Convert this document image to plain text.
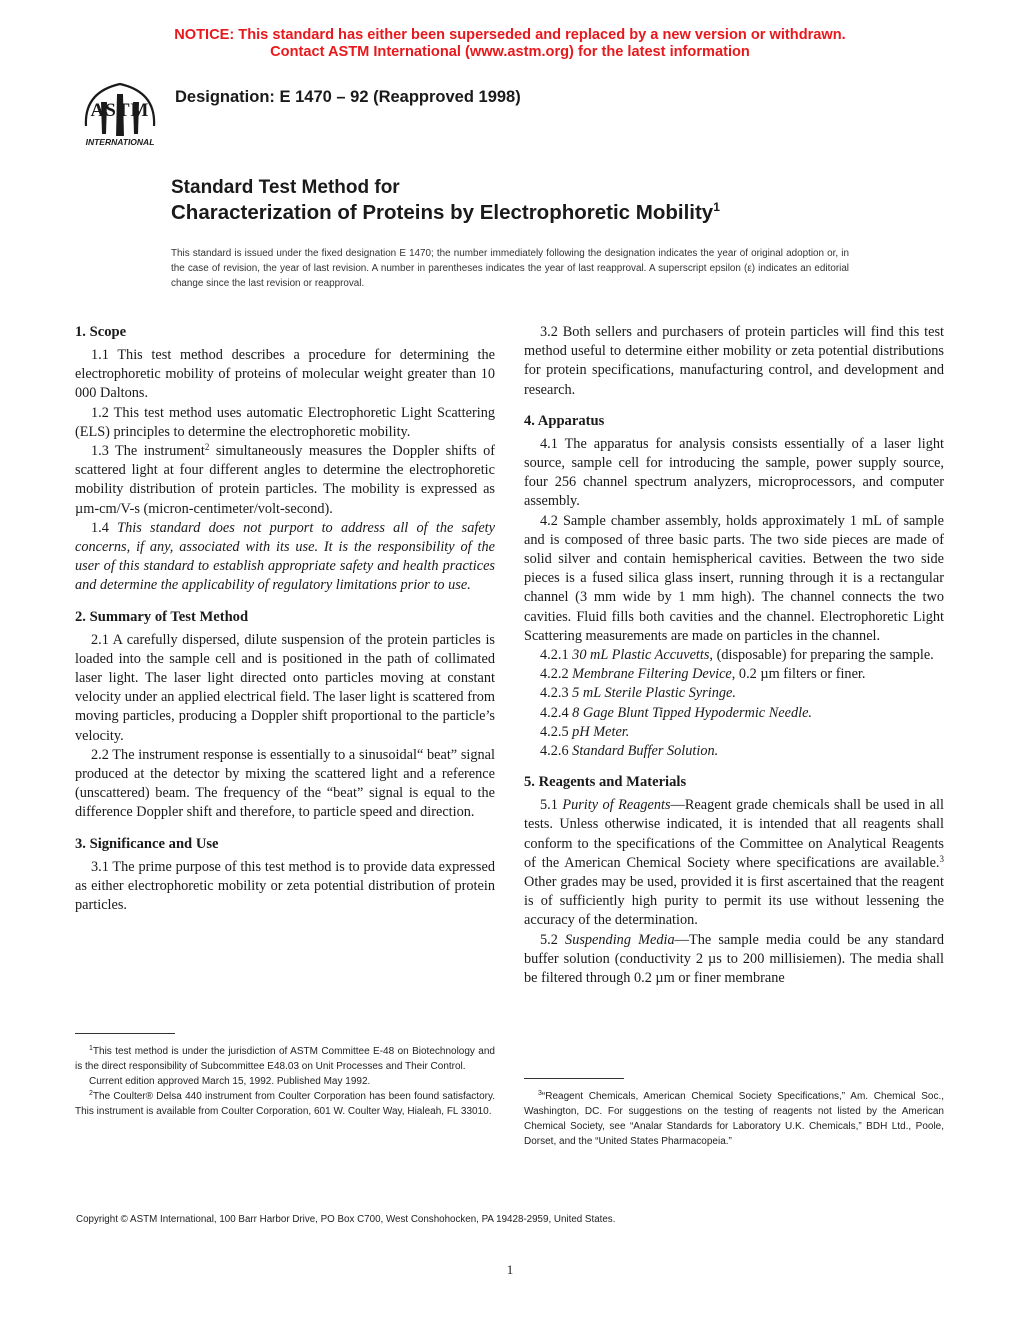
NOTICE: This standard has either been superseded and replaced by a new version or withdrawn.
Contact ASTM International (www.astm.org) for the latest information
ASTM
INTERNATIONAL
Designation: E 1470 – 92 (Reapproved 1998)
Standard Test Method for
Characterization of Proteins by Electrophoretic Mobility$^1$
This standard is issued under the fixed designation E 1470; the number immediately following the designation indicates the year of original adoption or, in the case of revision, the year of last revision. A number in parentheses indicates the year of last reapproval. A superscript epsilon (ε) indicates an editorial change since the last revision or reapproval.
1. Scope

1.1 This test method describes a procedure for determining the electrophoretic mobility of proteins of molecular weight greater than 10 000 Daltons.

1.2 This test method uses automatic Electrophoretic Light Scattering (ELS) principles to determine the electrophoretic mobility.

1.3 The instrument$^2$ simultaneously measures the Doppler shifts of scattered light at four different angles to determine the electrophoretic mobility distribution of protein particles. The mobility is expressed as µm-cm/V-s (micron-centimeter/volt-second).

1.4 This standard does not purport to address all of the safety concerns, if any, associated with its use. It is the responsibility of the user of this standard to establish appropriate safety and health practices and determine the applicability of regulatory limitations prior to use.

2. Summary of Test Method

2.1 A carefully dispersed, dilute suspension of the protein particles is loaded into the sample cell and is positioned in the path of collimated laser light. The laser light directed onto particles moving at constant velocity under an applied electrical field. The laser light is scattered from moving particles, producing a Doppler shift proportional to the particle’s velocity.

2.2 The instrument response is essentially to a sinusoidal“ beat” signal produced at the detector by mixing the scattered light and a reference (unscattered) beam. The frequency of the “beat” signal is equal to the difference Doppler shift and therefore, to particle speed and direction.

3. Significance and Use

3.1 The prime purpose of this test method is to provide data expressed as either electrophoretic mobility or zeta potential distribution of protein particles.

3.2 Both sellers and purchasers of protein particles will find this test method useful to determine either mobility or zeta potential distributions for protein specifications, manufacturing control, and development and research.

4. Apparatus

4.1 The apparatus for analysis consists essentially of a laser light source, sample cell for introducing the sample, power supply source, four 256 channel spectrum analyzers, microprocessors, and computer assembly.

4.2 Sample chamber assembly, holds approximately 1 mL of sample and is composed of three basic parts. The two side pieces are made of solid silver and contain hemispherical cavities. Between the two side pieces is a fused silica glass insert, running through it is a rectangular channel (3 mm wide by 1 mm high). The channel connects the two cavities. Fluid fills both cavities and the channel. Electrophoretic Light Scattering measurements are made on particles in the channel.

4.2.1 30 mL Plastic Accuvetts, (disposable) for preparing the sample.

4.2.2 Membrane Filtering Device, 0.2 µm filters or finer.

4.2.3 5 mL Sterile Plastic Syringe.

4.2.4 8 Gage Blunt Tipped Hypodermic Needle.

4.2.5 pH Meter.

4.2.6 Standard Buffer Solution.

5. Reagents and Materials

5.1 Purity of Reagents—Reagent grade chemicals shall be used in all tests. Unless otherwise indicated, it is intended that all reagents shall conform to the specifications of the Committee on Analytical Reagents of the American Chemical Society where specifications are available.$^3$ Other grades may be used, provided it is first ascertained that the reagent is of sufficiently high purity to permit its use without lessening the accuracy of the determination.

5.2 Suspending Media—The sample media could be any standard buffer solution (conductivity 2 µs to 200 millisiemen). The media shall be filtered through 0.2 µm or finer membrane

$^1$This test method is under the jurisdiction of ASTM Committee E-48 on Biotechnology and is the direct responsibility of Subcommittee E48.03 on Unit Processes and Their Control.

Current edition approved March 15, 1992. Published May 1992.

$^2$The Coulter® Delsa 440 instrument from Coulter Corporation has been found satisfactory. This instrument is available from Coulter Corporation, 601 W. Coulter Way, Hialeah, FL 33010.

$^3$“Reagent Chemicals, American Chemical Society Specifications,” Am. Chemical Soc., Washington, DC. For suggestions on the testing of reagents not listed by the American Chemical Society, see “Analar Standards for Laboratory U.K. Chemicals,” BDH Ltd., Poole, Dorset, and the “United States Pharmacopeia.”

Copyright © ASTM International, 100 Barr Harbor Drive, PO Box C700, West Conshohocken, PA 19428-2959, United States.
1
